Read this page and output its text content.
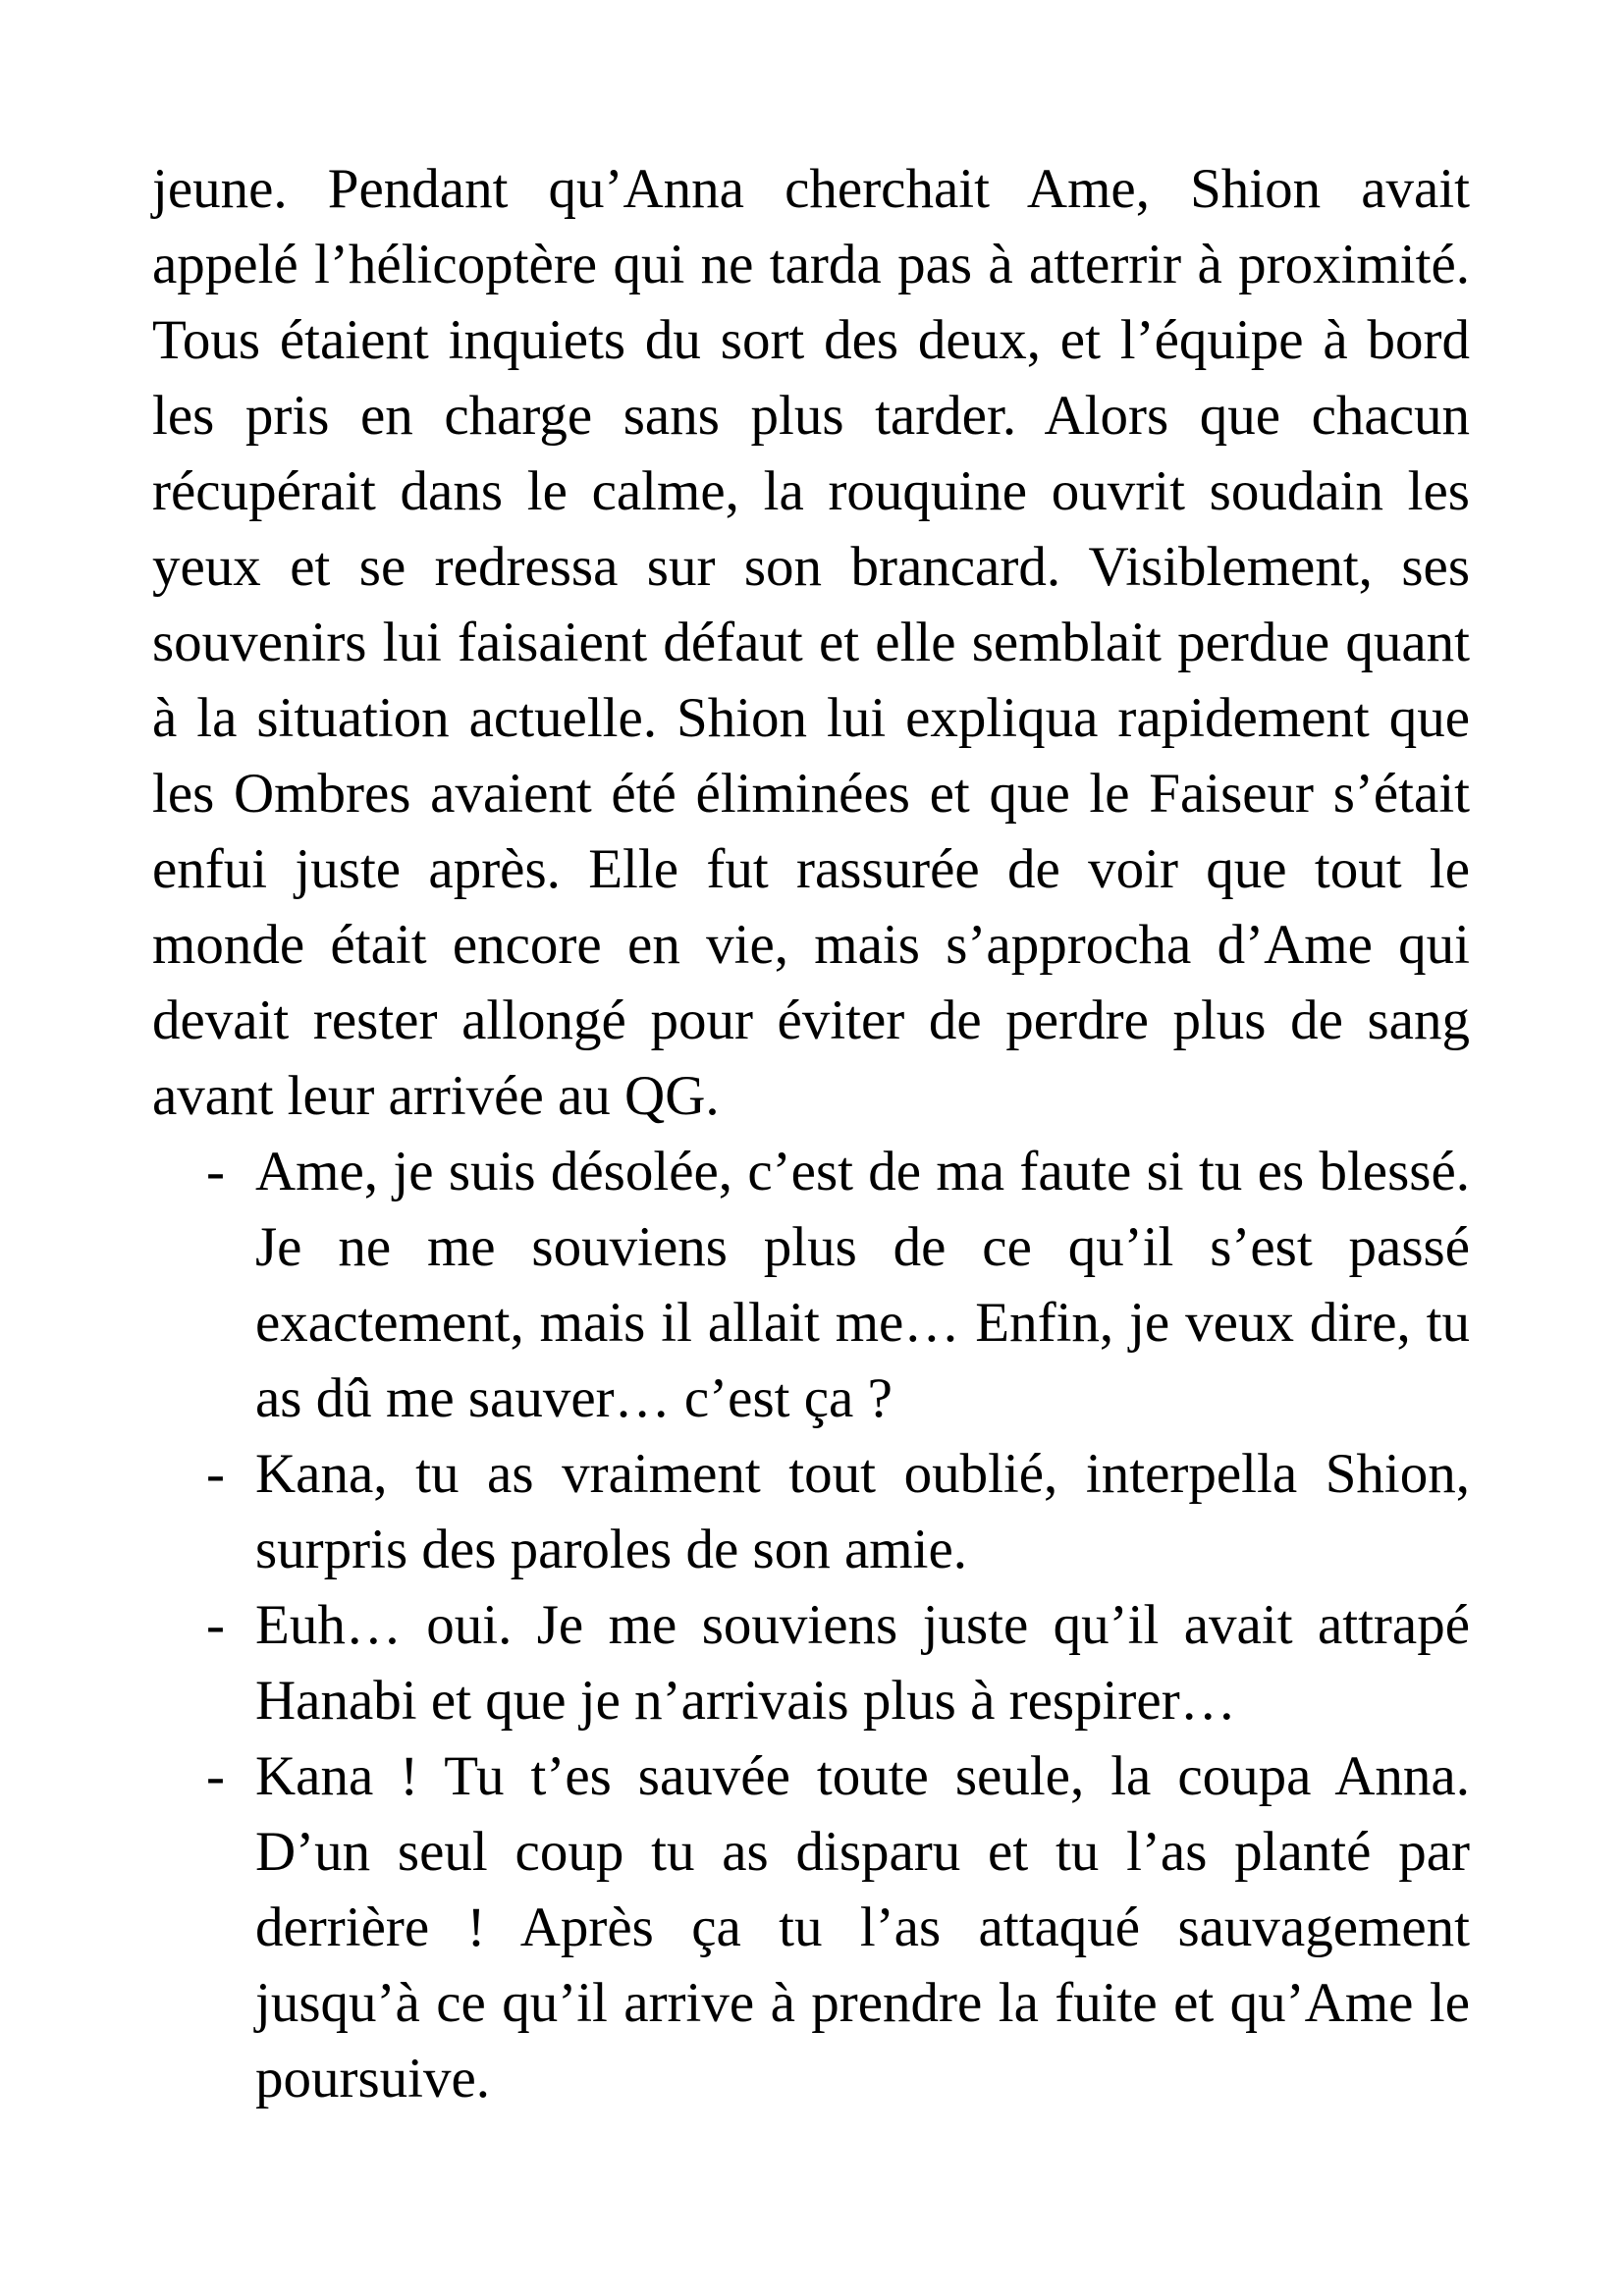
jeune. Pendant qu’Anna cherchait Ame, Shion avait
appelé l’hélicoptère qui ne tarda pas à atterrir à proximité.
Tous étaient inquiets du sort des deux, et l’équipe à bord
les pris en charge sans plus tarder. Alors que chacun
récupérait dans le calme, la rouquine ouvrit soudain les
yeux et se redressa sur son brancard. Visiblement, ses
souvenirs lui faisaient défaut et elle semblait perdue quant
à la situation actuelle. Shion lui expliqua rapidement que
les Ombres avaient été éliminées et que le Faiseur s’était
enfui juste après. Elle fut rassurée de voir que tout le
monde était encore en vie, mais s’approcha d’Ame qui
devait rester allongé pour éviter de perdre plus de sang
avant leur arrivée au QG.
- Ame, je suis désolée, c’est de ma faute si tu es blessé.
Je ne me souviens plus de ce qu’il s’est passé
exactement, mais il allait me… Enfin, je veux dire, tu
as dû me sauver… c’est ça ?
- Kana, tu as vraiment tout oublié, interpella Shion,
surpris des paroles de son amie.
- Euh… oui. Je me souviens juste qu’il avait attrapé
Hanabi et que je n’arrivais plus à respirer…
- Kana ! Tu t’es sauvée toute seule, la coupa Anna.
D’un seul coup tu as disparu et tu l’as planté par
derrière ! Après ça tu l’as attaqué sauvagement
jusqu’à ce qu’il arrive à prendre la fuite et qu’Ame le
poursuive.
